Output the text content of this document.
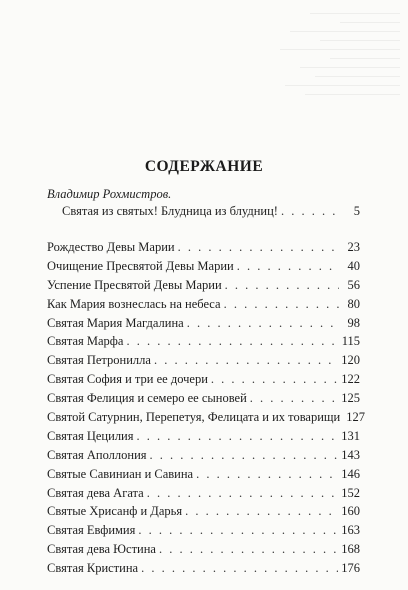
СОДЕРЖАНИЕ
Владимир Рохмистров.
Святая из святых! Блудница из блудниц! . . .	5
Рождество Девы Марии . . .	23
Очищение Пресвятой Девы Марии . . .	40
Успение Пресвятой Девы Марии . . .	56
Как Мария вознеслась на небеса . . .	80
Святая Мария Магдалина . . .	98
Святая Марфа . . .	115
Святая Петронилла . . .	120
Святая София и три ее дочери . . .	122
Святая Фелиция и семеро ее сыновей . . .	125
Святой Сатурнин, Перепетуя, Фелицата и их товарищи 127
Святая Цецилия . . .	131
Святая Аполлония . . .	143
Святые Савиниан и Савина . . .	146
Святая дева Агата . . .	152
Святые Хрисанф и Дарья . . .	160
Святая Евфимия . . .	163
Святая дева Юстина . . .	168
Святая Кристина . . .	176
